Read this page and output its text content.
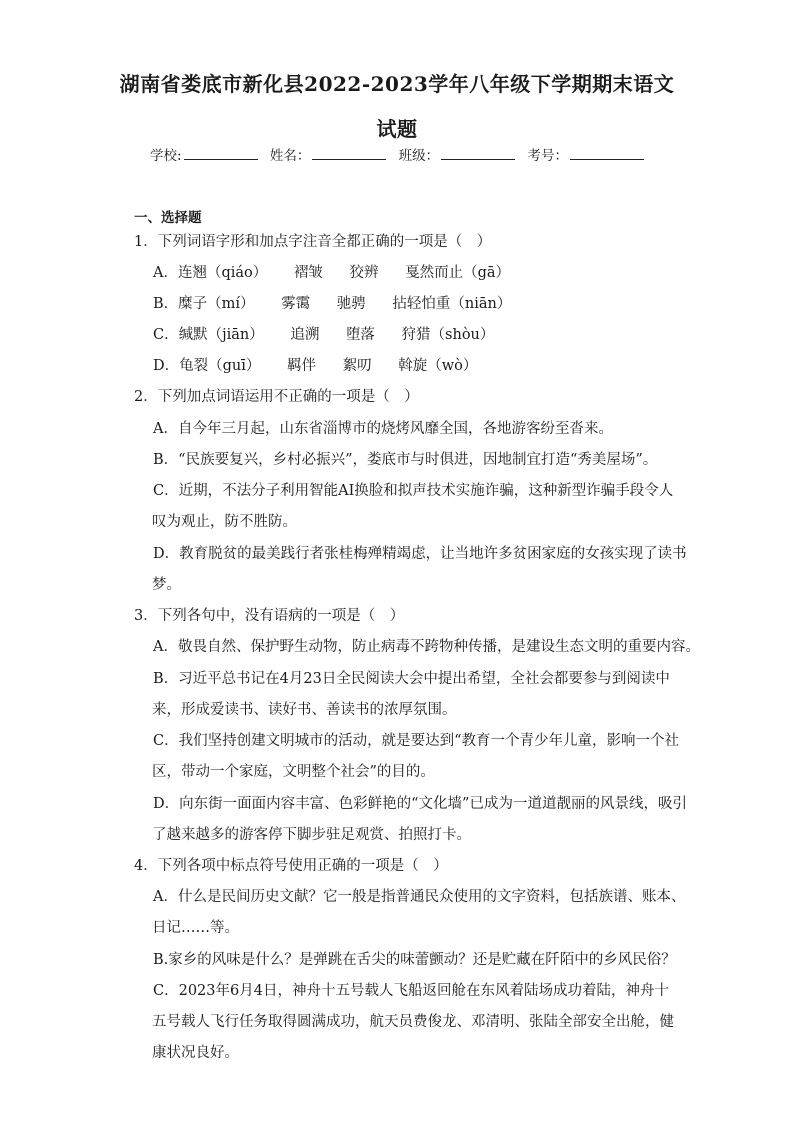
湖南省娄底市新化县2022-2023学年八年级下学期期末语文
试题
学校:	姓名：	班级：	考号：
一、选择题
1．下列词语字形和加点字注音全都正确的一项是（　）
A．连翘（qiáo） 褶皱 狡辨 戛然而止（gā）
B．糜子（mí） 雾霭 驰骋 拈轻怕重（niān）
C．缄默（jiān） 追溯 堕落 狩猎（shòu）
D．龟裂（guī） 羁伴 絮叨 斡旋（wò）
2．下列加点词语运用不正确的一项是（　）
A．自今年三月起，山东省淄博市的烧烤风靡全国，各地游客纷至沓来。
B．“民族要复兴，乡村必振兴”，娄底市与时俱进，因地制宜打造“秀美屋场”。
C．近期，不法分子利用智能AI换脸和拟声技术实施诈骗，这种新型诈骗手段令人
叹为观止，防不胜防。
D．教育脱贫的最美践行者张桂梅殚精竭虑，让当地许多贫困家庭的女孩实现了读书
梦。
3．下列各句中，没有语病的一项是（　）
A．敬畏自然、保护野生动物，防止病毒不跨物种传播，是建设生态文明的重要内容。
B．习近平总书记在4月23日全民阅读大会中提出希望，全社会都要参与到阅读中
来，形成爱读书、读好书、善读书的浓厚氛围。
C．我们坚持创建文明城市的活动，就是要达到“教育一个青少年儿童，影响一个社
区，带动一个家庭，文明整个社会”的目的。
D．向东街一面面内容丰富、色彩鲜艳的“文化墙”已成为一道道靓丽的风景线，吸引
了越来越多的游客停下脚步驻足观赏、拍照打卡。
4．下列各项中标点符号使用正确的一项是（　）
A．什么是民间历史文献？它一般是指普通民众使用的文字资料，包括族谱、账本、
日记……等。
B.家乡的风味是什么？是弹跳在舌尖的味蕾颤动？还是贮藏在阡陌中的乡风民俗？
C．2023年6月4日，神舟十五号载人飞船返回舱在东风着陆场成功着陆，神舟十
五号载人飞行任务取得圆满成功，航天员费俊龙、邓清明、张陆全部安全出舱，健
康状况良好。
